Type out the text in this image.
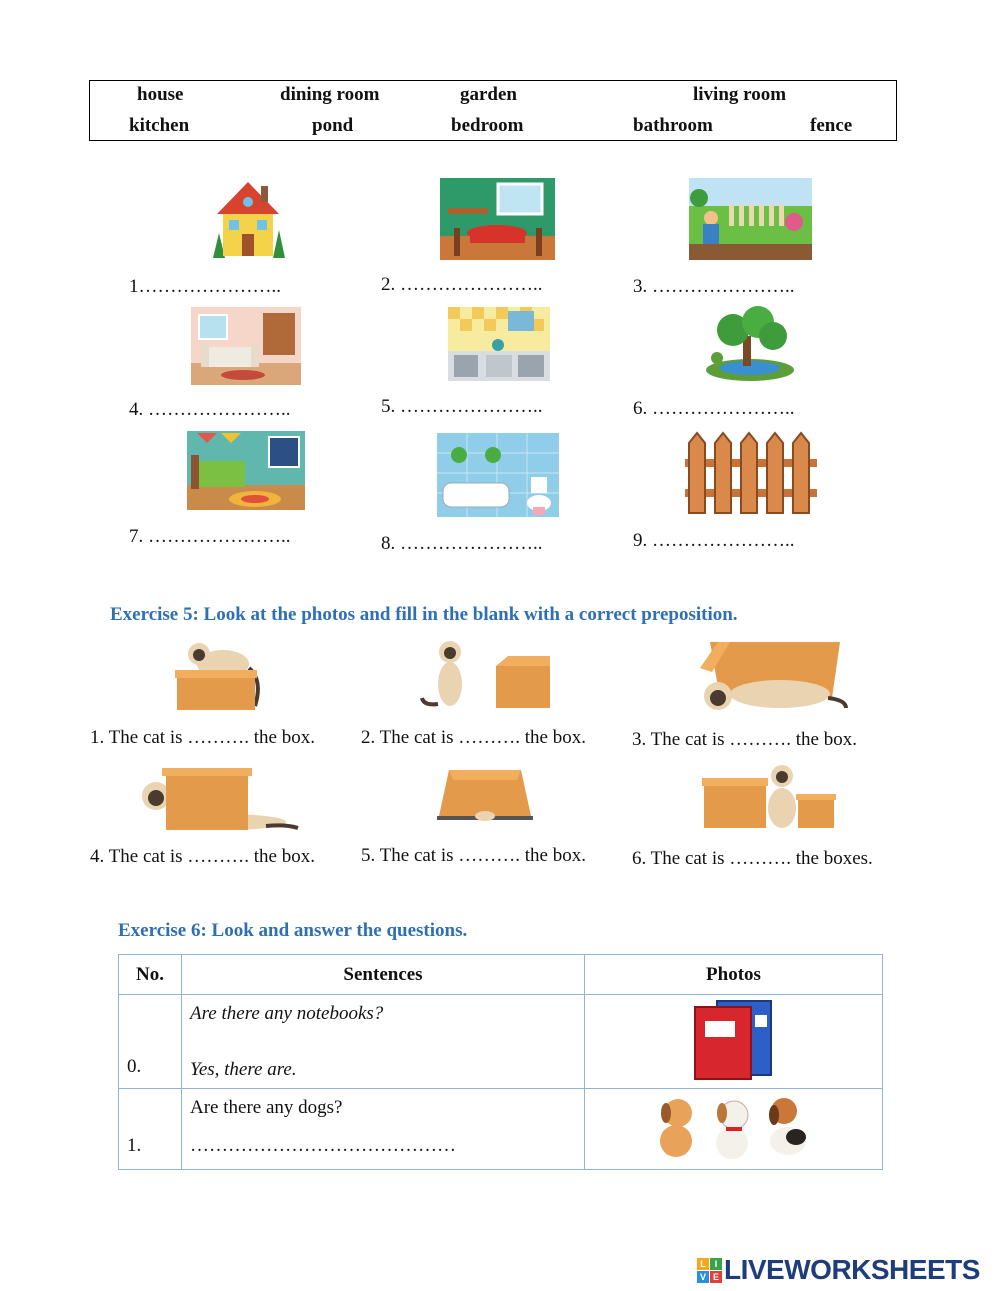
house	dining room	garden	living room
kitchen	pond	bedroom	bathroom	fence
1…………………..	2. …………………..	3. …………………..
4. …………………..	5. …………………..	6. …………………..
7. …………………..	8. …………………..	9. …………………..
Exercise 5: Look at the photos and fill in the blank with a correct preposition.
1. The cat is ………. the box. 2. The cat is ………. the box. 3. The cat is ………. the box.
4. The cat is ………. the box. 5. The cat is ………. the box. 6. The cat is ………. the boxes.
Exercise 6: Look and answer the questions.
No.	Sentences	Photos
0.	Are there any notebooks?
Yes, there are.

1.	Are there any dogs?
……………………………………

L I
V E LIVEWORKSHEETS
